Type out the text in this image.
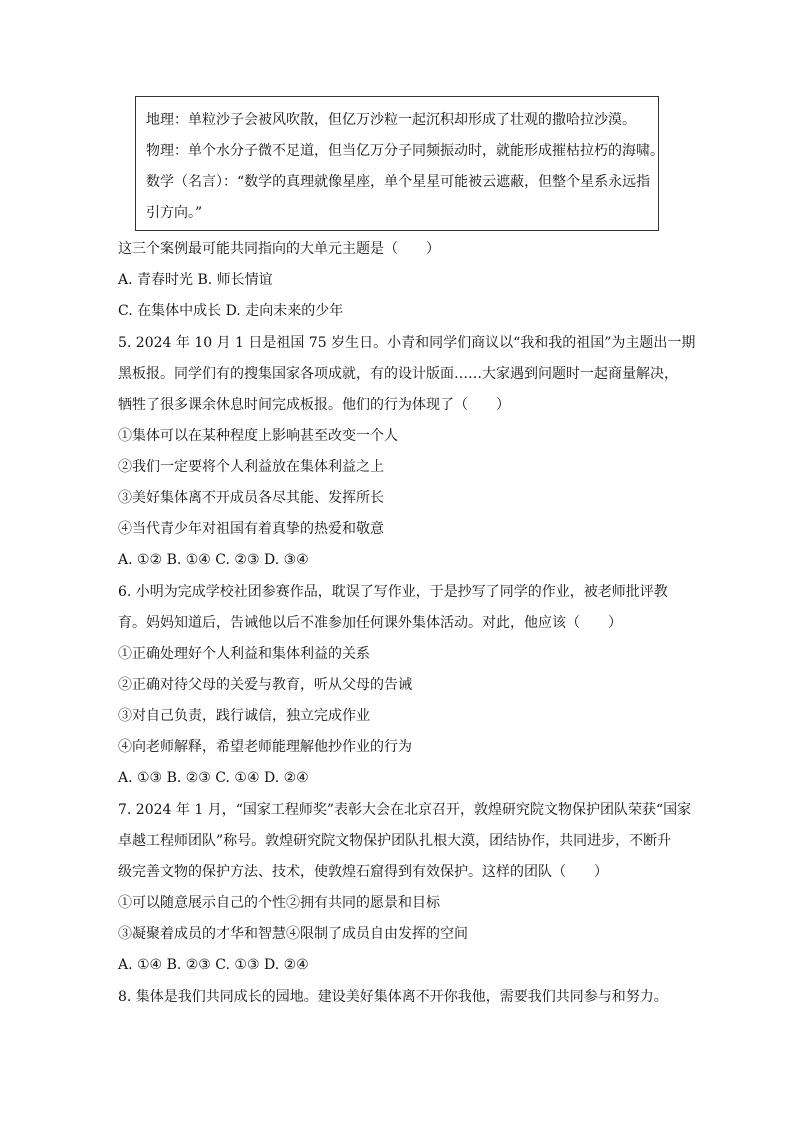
地理：单粒沙子会被风吹散，但亿万沙粒一起沉积却形成了壮观的撒哈拉沙漠。
物理：单个水分子微不足道，但当亿万分子同频振动时，就能形成摧枯拉朽的海啸。
数学（名言）：“数学的真理就像星座，单个星星可能被云遮蔽，但整个星系永远指
引方向。”
这三个案例最可能共同指向的大单元主题是（　　）
A. 青春时光 B. 师长情谊
C. 在集体中成长 D. 走向未来的少年
5. 2024 年 10 月 1 日是祖国 75 岁生日。小青和同学们商议以“我和我的祖国”为主题出一期
黑板报。同学们有的搜集国家各项成就，有的设计版面……大家遇到问题时一起商量解决，
牺牲了很多课余休息时间完成板报。他们的行为体现了（　　）
①集体可以在某种程度上影响甚至改变一个人
②我们一定要将个人利益放在集体利益之上
③美好集体离不开成员各尽其能、发挥所长
④当代青少年对祖国有着真挚的热爱和敬意
A. ①② B. ①④ C. ②③ D. ③④
6. 小明为完成学校社团参赛作品，耽误了写作业，于是抄写了同学的作业，被老师批评教
育。妈妈知道后，告诫他以后不准参加任何课外集体活动。对此，他应该（　　）
①正确处理好个人利益和集体利益的关系
②正确对待父母的关爱与教育，听从父母的告诫
③对自己负责，践行诚信，独立完成作业
④向老师解释，希望老师能理解他抄作业的行为
A. ①③ B. ②③ C. ①④ D. ②④
7. 2024 年 1 月，“国家工程师奖”表彰大会在北京召开，敦煌研究院文物保护团队荣获“国家
卓越工程师团队”称号。敦煌研究院文物保护团队扎根大漠，团结协作，共同进步，不断升
级完善文物的保护方法、技术，使敦煌石窟得到有效保护。这样的团队（　　）
①可以随意展示自己的个性②拥有共同的愿景和目标
③凝聚着成员的才华和智慧④限制了成员自由发挥的空间
A. ①④ B. ②③ C. ①③ D. ②④
8. 集体是我们共同成长的园地。建设美好集体离不开你我他，需要我们共同参与和努力。
